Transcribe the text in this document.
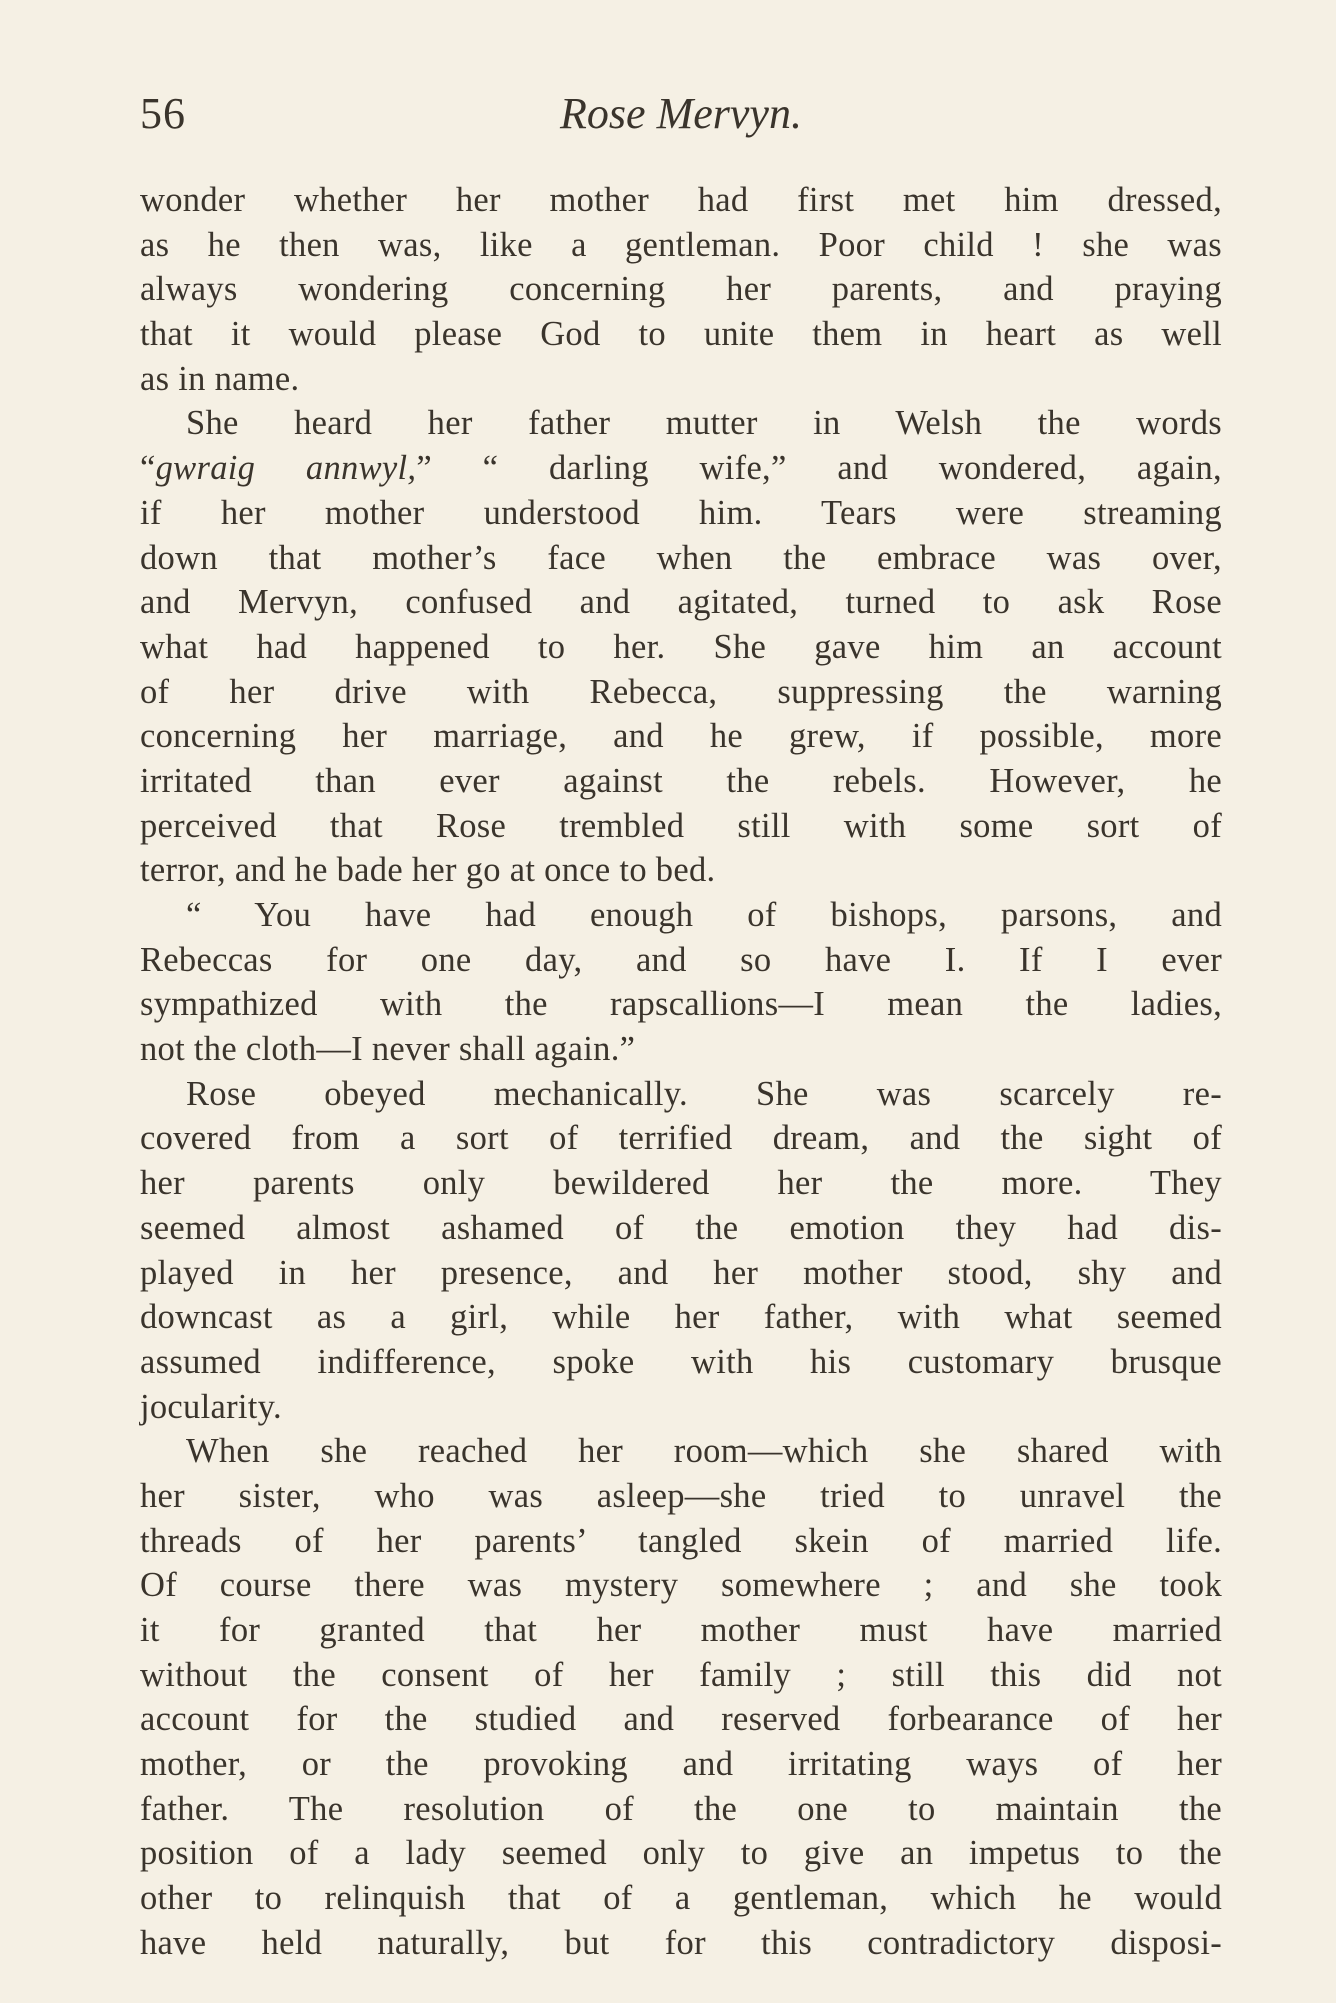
56	Rose Mervyn.
wonder whether her mother had first met him dressed,
as he then was, like a gentleman. Poor child ! she was
always wondering concerning her parents, and praying
that it would please God to unite them in heart as well
as in name.
She heard her father mutter in Welsh the words
“gwraig annwyl,” “ darling wife,” and wondered, again,
if her mother understood him. Tears were streaming
down that mother’s face when the embrace was over,
and Mervyn, confused and agitated, turned to ask Rose
what had happened to her. She gave him an account
of her drive with Rebecca, suppressing the warning
concerning her marriage, and he grew, if possible, more
irritated than ever against the rebels. However, he
perceived that Rose trembled still with some sort of
terror, and he bade her go at once to bed.
“ You have had enough of bishops, parsons, and
Rebeccas for one day, and so have I. If I ever
sympathized with the rapscallions—I mean the ladies,
not the cloth—I never shall again.”
Rose obeyed mechanically. She was scarcely re-
covered from a sort of terrified dream, and the sight of
her parents only bewildered her the more. They
seemed almost ashamed of the emotion they had dis-
played in her presence, and her mother stood, shy and
downcast as a girl, while her father, with what seemed
assumed indifference, spoke with his customary brusque
jocularity.
When she reached her room—which she shared with
her sister, who was asleep—she tried to unravel the
threads of her parents’ tangled skein of married life.
Of course there was mystery somewhere ; and she took
it for granted that her mother must have married
without the consent of her family ; still this did not
account for the studied and reserved forbearance of her
mother, or the provoking and irritating ways of her
father. The resolution of the one to maintain the
position of a lady seemed only to give an impetus to the
other to relinquish that of a gentleman, which he would
have held naturally, but for this contradictory disposi-
